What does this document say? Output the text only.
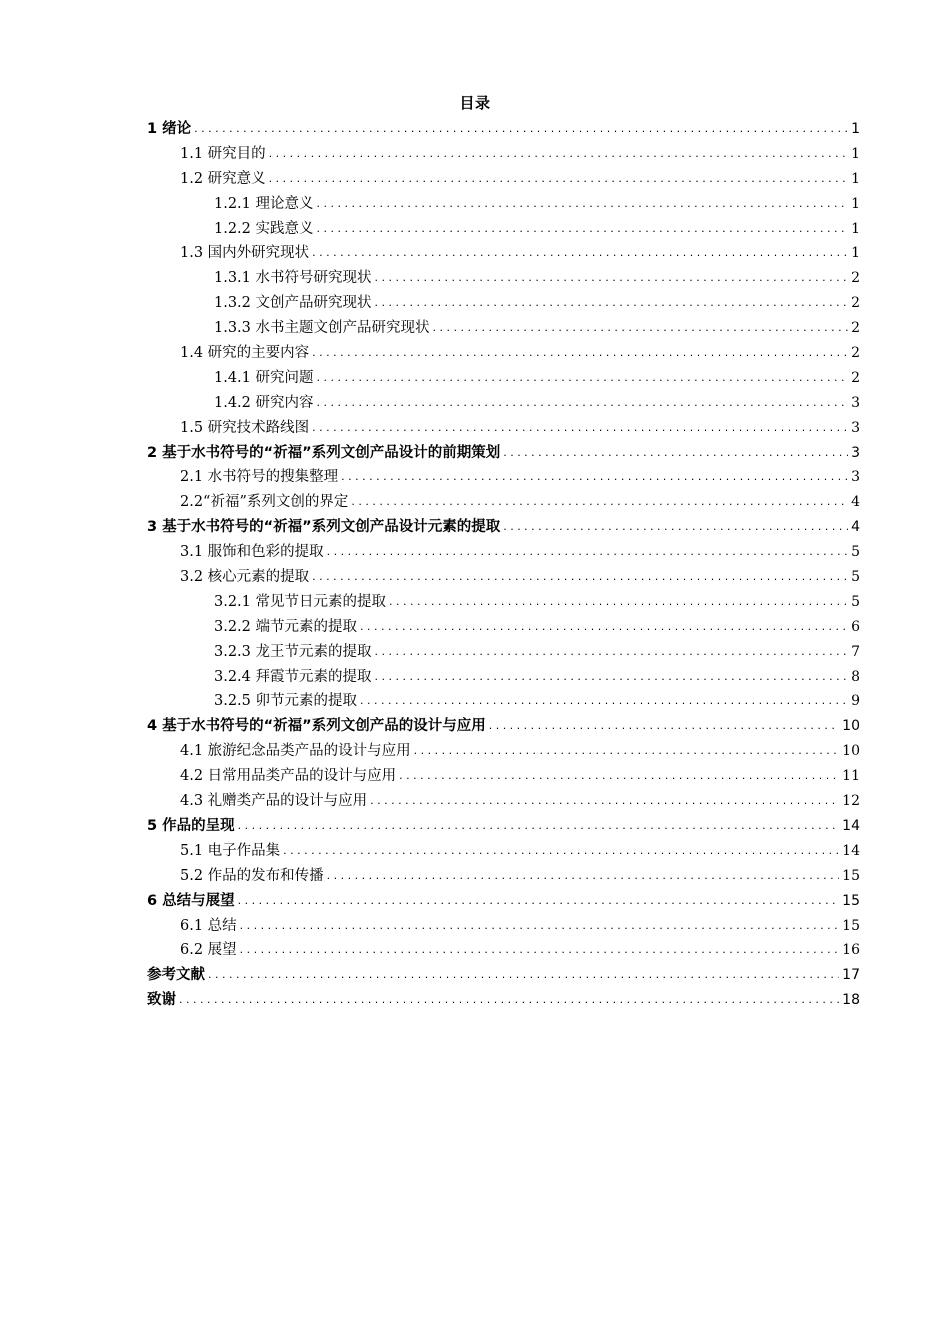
目录
1 绪论 . . .	1
1.1 研究目的 . . .	1
1.2 研究意义 . . .	1
1.2.1 理论意义 . . .	1
1.2.2 实践意义 . . .	1
1.3 国内外研究现状 . . .	1
1.3.1 水书符号研究现状 . . .	2
1.3.2 文创产品研究现状 . . .	2
1.3.3 水书主题文创产品研究现状 . . .	2
1.4 研究的主要内容 . . .	2
1.4.1 研究问题 . . .	2
1.4.2 研究内容 . . .	3
1.5 研究技术路线图 . . .	3
2 基于水书符号的“祈福”系列文创产品设计的前期策划 . . .	3
2.1 水书符号的搜集整理 . . .	3
2.2“祈福”系列文创的界定 . . .	4
3 基于水书符号的“祈福”系列文创产品设计元素的提取 . . .	4
3.1 服饰和色彩的提取 . . .	5
3.2 核心元素的提取 . . .	5
3.2.1 常见节日元素的提取 . . .	5
3.2.2 端节元素的提取 . . .	6
3.2.3 龙王节元素的提取 . . .	7
3.2.4 拜霞节元素的提取 . . .	8
3.2.5 卯节元素的提取 . . .	9
4 基于水书符号的“祈福”系列文创产品的设计与应用 . . .	10
4.1 旅游纪念品类产品的设计与应用 . . .	10
4.2 日常用品类产品的设计与应用 . . .	11
4.3 礼赠类产品的设计与应用 . . .	12
5 作品的呈现 . . .	14
5.1 电子作品集 . . .	14
5.2 作品的发布和传播 . . .	15
6 总结与展望 . . .	15
6.1 总结 . . .	15
6.2 展望 . . .	16
参考文献 . . .	17
致谢 . . .	18
